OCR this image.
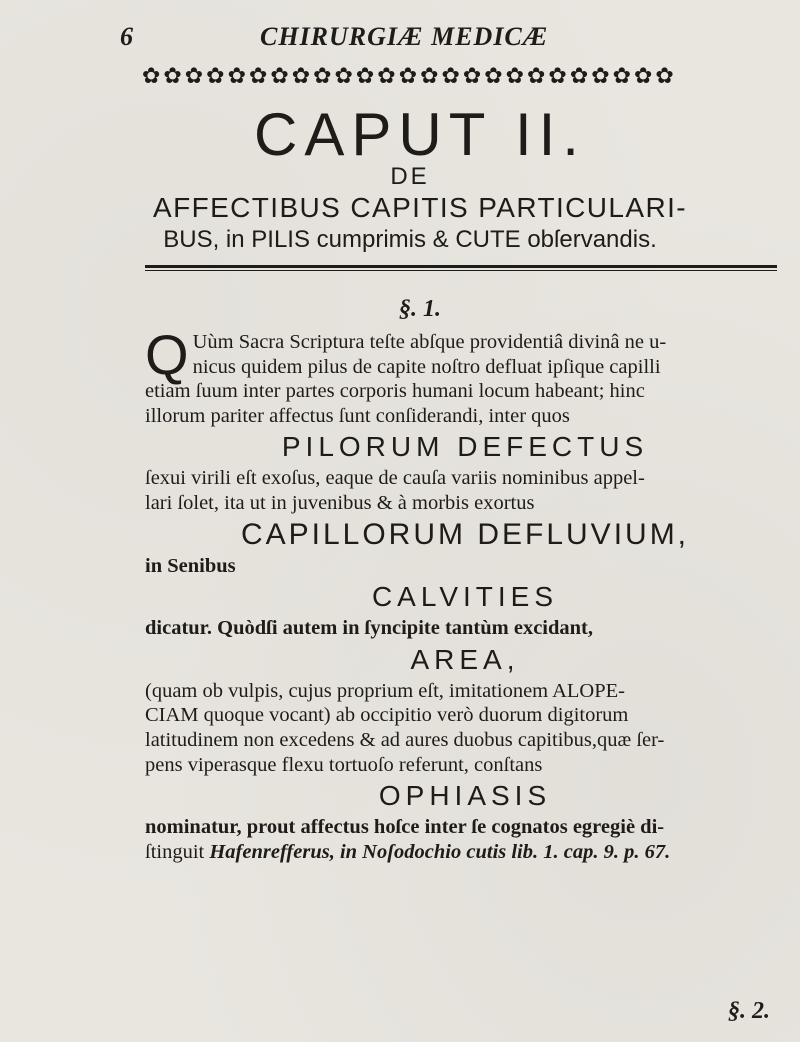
6	CHIRURGIÆ MEDICÆ
✿ ✿ ✿ ✿ ✿ ✿ ✿ ✿ ✿ ✿ ✿ ✿ ✿ ✿ ✿ ✿ ✿ ✿ ✿ ✿ ✿ ✿ ✿ ✿ ✿
CAPUT II.
DE
AFFECTIBUS CAPITIS PARTICULARI-
BUS, in PILIS cumprimis & CUTE obſervandis.
§. 1.
Q Uùm Sacra Scriptura teſte abſque providentiâ divinâ ne u-
nicus quidem pilus de capite noſtro defluat ipſique capilli
etiam ſuum inter partes corporis humani locum habeant; hinc
illorum pariter affectus ſunt conſiderandi, inter quos
PILORUM DEFECTUS
ſexui virili eſt exoſus, eaque de cauſa variis nominibus appel-
lari ſolet, ita ut in juvenibus & à morbis exortus
CAPILLORUM DEFLUVIUM,
in Senibus
CALVITIES
dicatur. Quòdſi autem in ſyncipite tantùm excidant,
AREA,
(quam ob vulpis, cujus proprium eſt, imitationem ALOPE-
CIAM quoque vocant) ab occipitio verò duorum digitorum
latitudinem non excedens & ad aures duobus capitibus,quæ ſer-
pens viperasque flexu tortuoſo referunt, conſtans
OPHIASIS
nominatur, prout affectus hoſce inter ſe cognatos egregiè di-
ſtinguit Hafenrefferus, in Noſodochio cutis lib. 1. cap. 9. p. 67.
§. 2.
